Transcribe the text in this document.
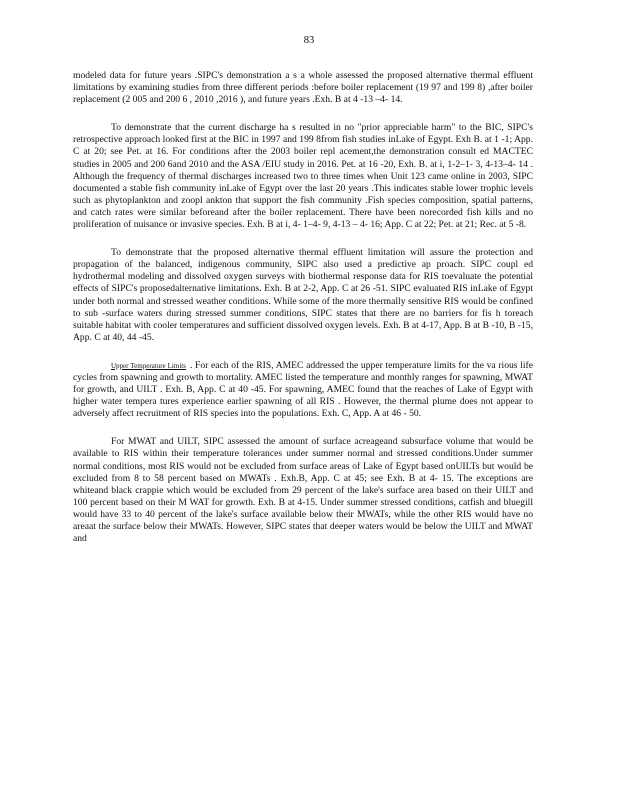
83

modeled data for future years .SIPC's demonstration a s a whole assessed the proposed alternative thermal effluent limitations by examining studies from three different periods :before boiler replacement (19 97 and 199 8) ,after boiler replacement (2 005 and 200 6 , 2010 ,2016 ), and future years .Exh. B at 4 -13 –4- 14.

To demonstrate that the current discharge ha s resulted in no "prior appreciable harm" to the BIC, SIPC's retrospective approach looked first at the BIC in 1997 and 199 8from fish studies inLake of Egypt. Exh B. at 1 -1; App. C at 20; see Pet. at 16. For conditions after the 2003 boiler repl acement,the demonstration consult ed MACTEC studies in 2005 and 200 6and 2010 and the ASA /EIU study in 2016. Pet. at 16 -20, Exh. B. at i, 1-2–1- 3, 4-13–4- 14 . Although the frequency of thermal discharges increased two to three times when Unit 123 came online in 2003, SIPC documented a stable fish community inLake of Egypt over the last 20 years .This indicates stable lower trophic levels such as phytoplankton and zoopl ankton that support the fish community .Fish species composition, spatial patterns, and catch rates were similar beforeand after the boiler replacement. There have been norecorded fish kills and no proliferation of nuisance or invasive species. Exh. B at i, 4- 1–4- 9, 4-13 – 4- 16; App. C at 22; Pet. at 21; Rec. at 5 -8.

To demonstrate that the proposed alternative thermal effluent limitation will assure the protection and propagation of the balanced, indigenous community, SIPC also used a predictive ap proach. SIPC coupl ed hydrothermal modeling and dissolved oxygen surveys with biothermal response data for RIS toevaluate the potential effects of SIPC's proposedalternative limitations. Exh. B at 2-2, App. C at 26 -51. SIPC evaluated RIS inLake of Egypt under both normal and stressed weather conditions. While some of the more thermally sensitive RIS would be confined to sub -surface waters during stressed summer conditions, SIPC states that there are no barriers for fis h toreach suitable habitat with cooler temperatures and sufficient dissolved oxygen levels. Exh. B at 4-17, App. B at B -10, B -15, App. C at 40, 44 -45.

Upper Temperature Limits . For each of the RIS, AMEC addressed the upper temperature limits for the va rious life cycles from spawning and growth to mortality. AMEC listed the temperature and monthly ranges for spawning, MWAT for growth, and UILT . Exh. B, App. C at 40 -45. For spawning, AMEC found that the reaches of Lake of Egypt with higher water tempera tures experience earlier spawning of all RIS . However, the thermal plume does not appear to adversely affect recruitment of RIS species into the populations. Exh. C, App. A at 46 - 50.

For MWAT and UILT, SIPC assessed the amount of surface acreageand subsurface volume that would be available to RIS within their temperature tolerances under summer normal and stressed conditions.Under summer normal conditions, most RIS would not be excluded from surface areas of Lake of Egypt based onUILTs but would be excluded from 8 to 58 percent based on MWATs . Exh.B, App. C at 45; see Exh. B at 4- 15. The exceptions are whiteand black crappie which would be excluded from 29 percent of the lake's surface area based on their UILT and 100 percent based on their M WAT for growth. Exh. B at 4-15. Under summer stressed conditions, catfish and bluegill would have 33 to 40 percent of the lake's surface available below their MWATs, while the other RIS would have no areaat the surface below their MWATs. However, SIPC states that deeper waters would be below the UILT and MWAT and
